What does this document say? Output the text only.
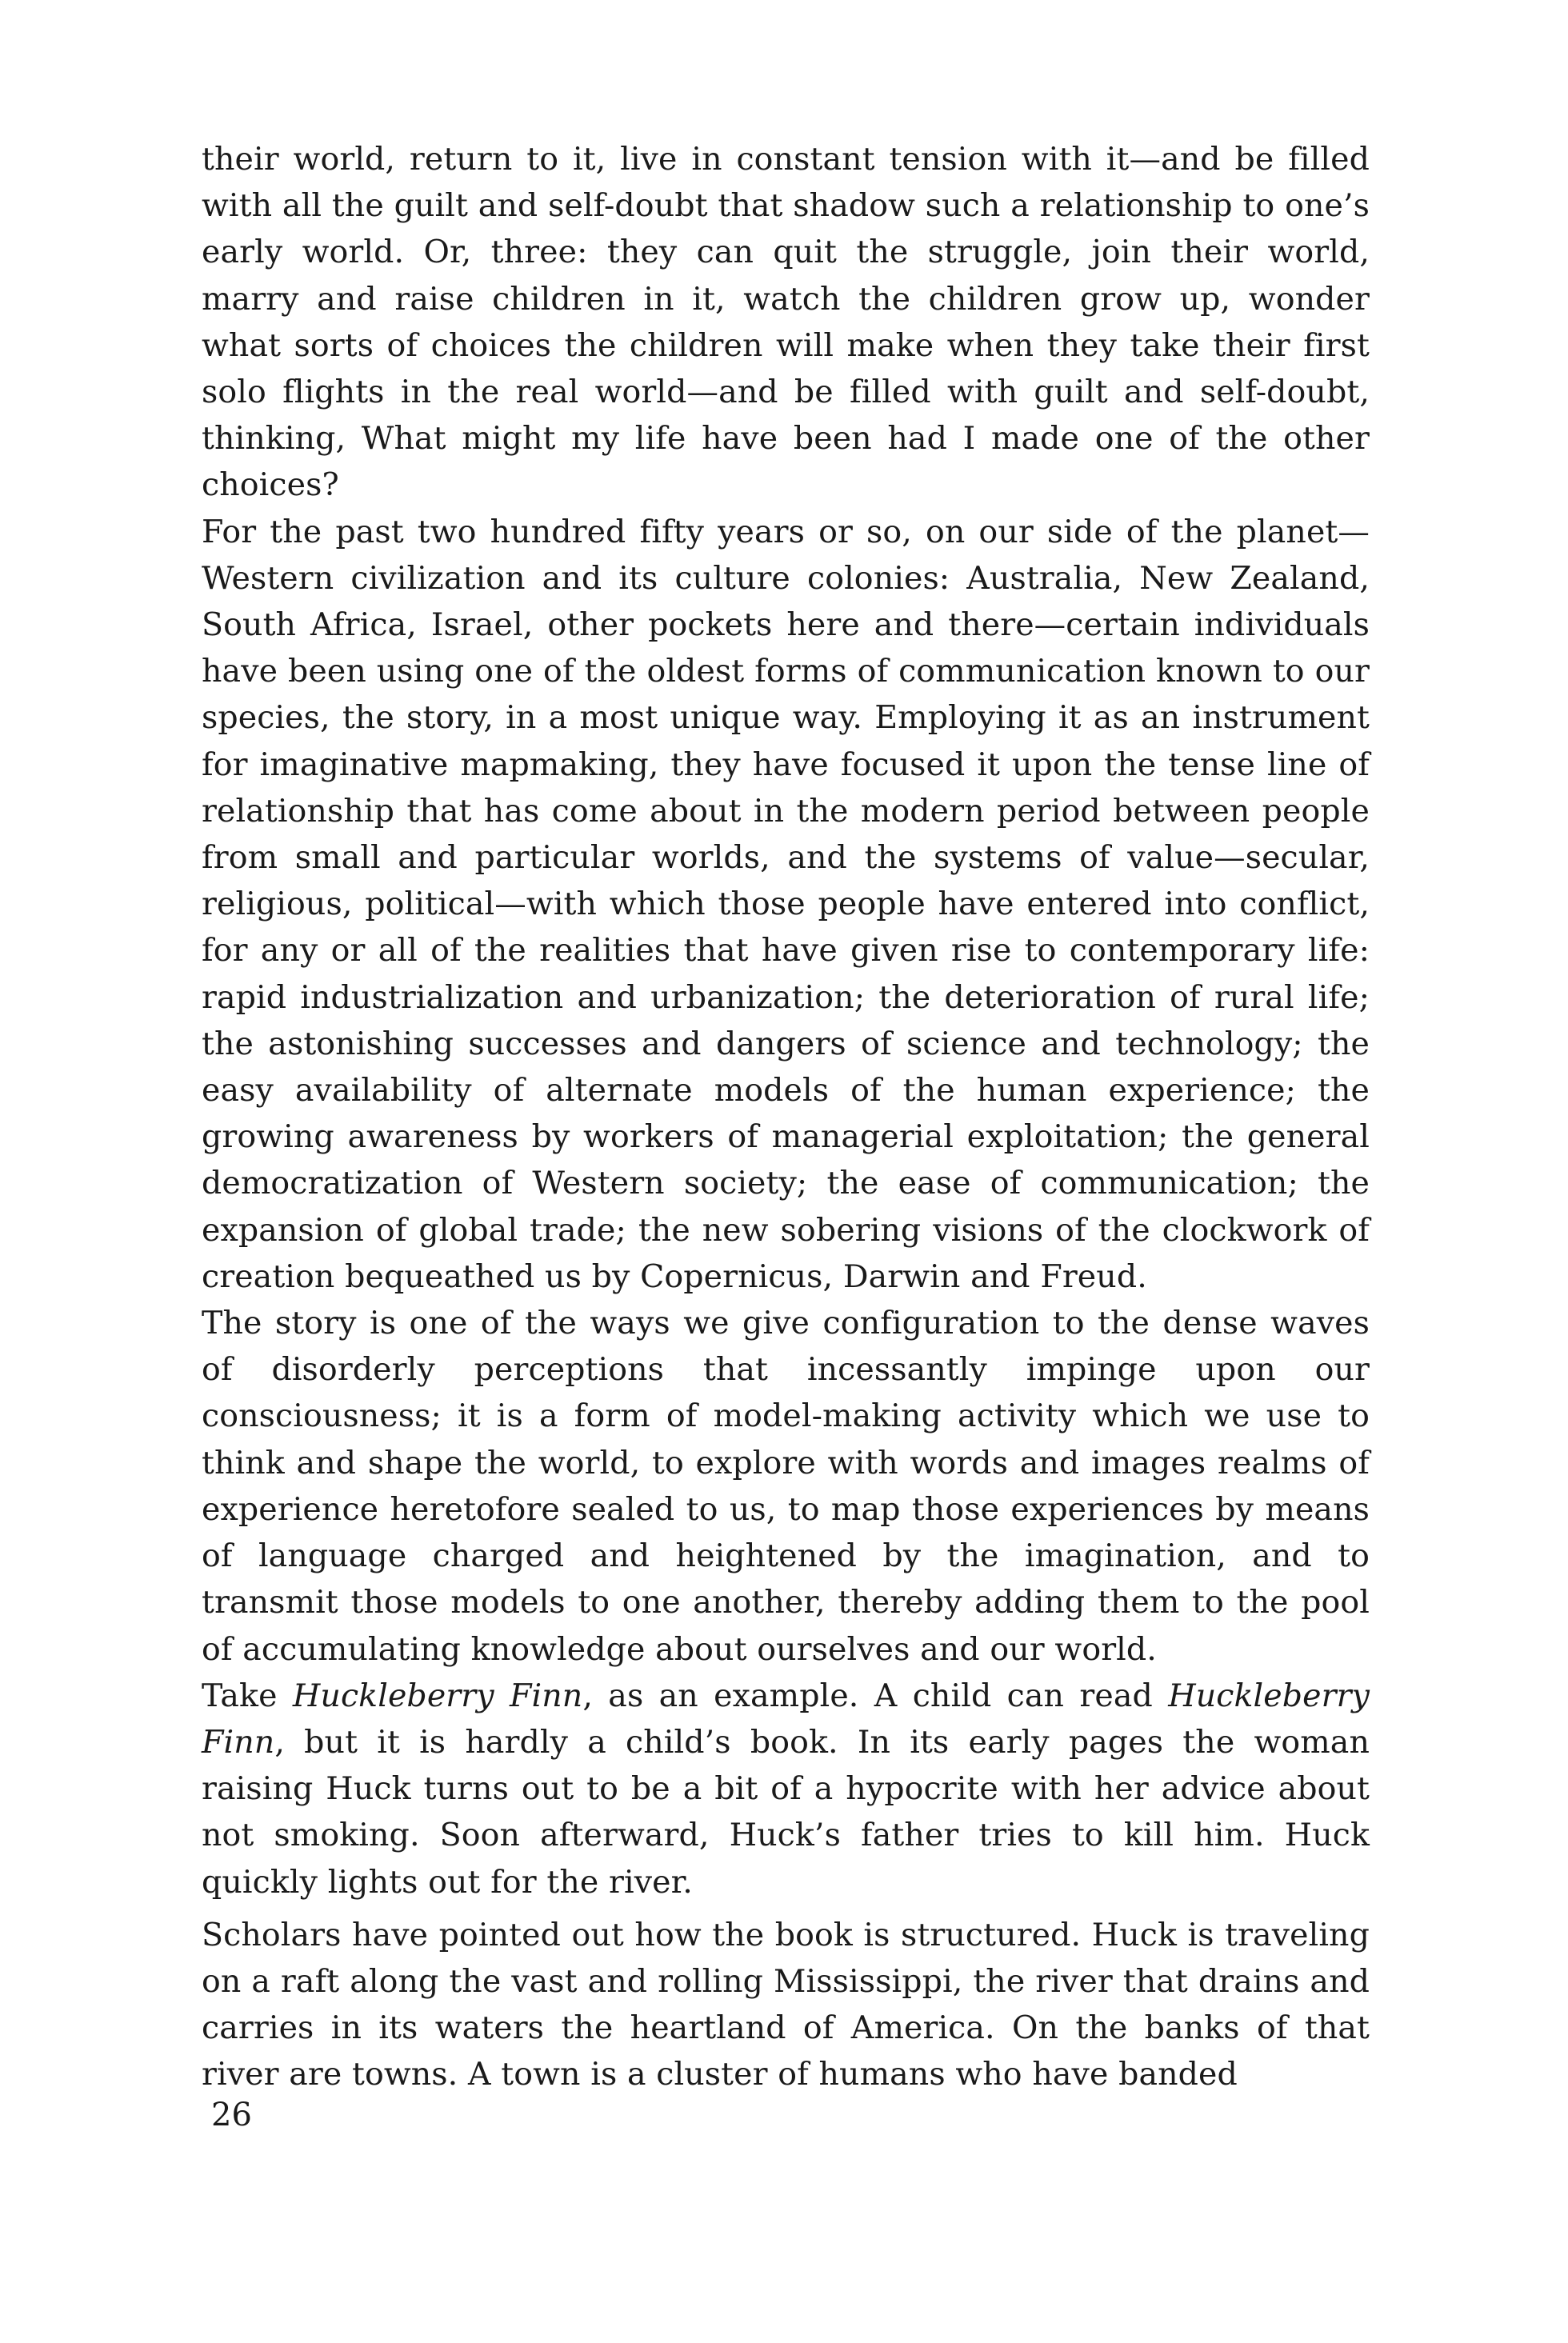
their world, return to it, live in constant tension with it—and be filled with all the guilt and self-doubt that shadow such a relationship to one’s early world. Or, three: they can quit the struggle, join their world, marry and raise children in it, watch the children grow up, wonder what sorts of choices the children will make when they take their first solo flights in the real world—and be filled with guilt and self-doubt, thinking, What might my life have been had I made one of the other choices?

For the past two hundred fifty years or so, on our side of the planet—Western civilization and its culture colonies: Australia, New Zealand, South Africa, Israel, other pockets here and there—certain individuals have been using one of the oldest forms of communication known to our species, the story, in a most unique way. Employing it as an instrument for imaginative mapmaking, they have focused it upon the tense line of relationship that has come about in the modern period between people from small and particular worlds, and the systems of value—secular, religious, political—with which those people have entered into conflict, for any or all of the realities that have given rise to contemporary life: rapid industrialization and urbanization; the deterioration of rural life; the astonishing successes and dangers of science and technology; the easy availability of alternate models of the human experience; the growing awareness by workers of managerial exploitation; the general democratization of Western society; the ease of communication; the expansion of global trade; the new sobering visions of the clockwork of creation bequeathed us by Copernicus, Darwin and Freud.

The story is one of the ways we give configuration to the dense waves of disorderly perceptions that incessantly impinge upon our consciousness; it is a form of model-making activity which we use to think and shape the world, to explore with words and images realms of experience heretofore sealed to us, to map those experiences by means of language charged and heightened by the imagination, and to transmit those models to one another, thereby adding them to the pool of accumulating knowledge about ourselves and our world.

Take Huckleberry Finn, as an example. A child can read Huckleberry Finn, but it is hardly a child’s book. In its early pages the woman raising Huck turns out to be a bit of a hypocrite with her advice about not smoking. Soon afterward, Huck’s father tries to kill him. Huck quickly lights out for the river.

Scholars have pointed out how the book is structured. Huck is traveling on a raft along the vast and rolling Mississippi, the river that drains and carries in its waters the heartland of America. On the banks of that river are towns. A town is a cluster of humans who have banded

26
